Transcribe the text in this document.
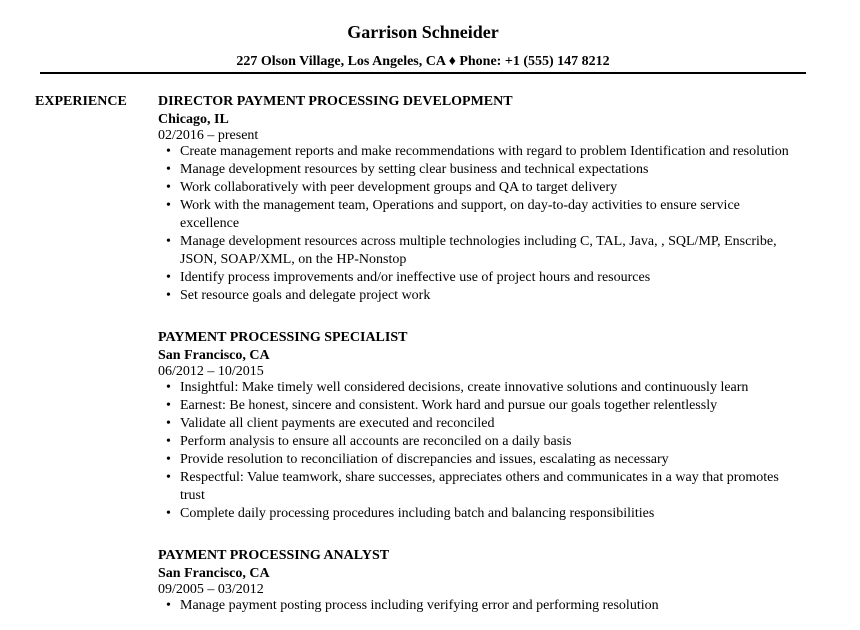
Garrison Schneider
227 Olson Village, Los Angeles, CA ♦ Phone: +1 (555) 147 8212
EXPERIENCE DIRECTOR PAYMENT PROCESSING DEVELOPMENT
Chicago, IL
02/2016 – present
• Create management reports and make recommendations with regard to problem Identification and resolution
• Manage development resources by setting clear business and technical expectations
• Work collaboratively with peer development groups and QA to target delivery
• Work with the management team, Operations and support, on day-to-day activities to ensure service excellence
• Manage development resources across multiple technologies including C, TAL, Java, , SQL/MP, Enscribe, JSON, SOAP/XML, on the HP-Nonstop
• Identify process improvements and/or ineffective use of project hours and resources
• Set resource goals and delegate project work
PAYMENT PROCESSING SPECIALIST
San Francisco, CA
06/2012 – 10/2015
• Insightful: Make timely well considered decisions, create innovative solutions and continuously learn
• Earnest: Be honest, sincere and consistent. Work hard and pursue our goals together relentlessly
• Validate all client payments are executed and reconciled
• Perform analysis to ensure all accounts are reconciled on a daily basis
• Provide resolution to reconciliation of discrepancies and issues, escalating as necessary
• Respectful: Value teamwork, share successes, appreciates others and communicates in a way that promotes trust
• Complete daily processing procedures including batch and balancing responsibilities
PAYMENT PROCESSING ANALYST
San Francisco, CA
09/2005 – 03/2012
• Manage payment posting process including verifying error and performing resolution
